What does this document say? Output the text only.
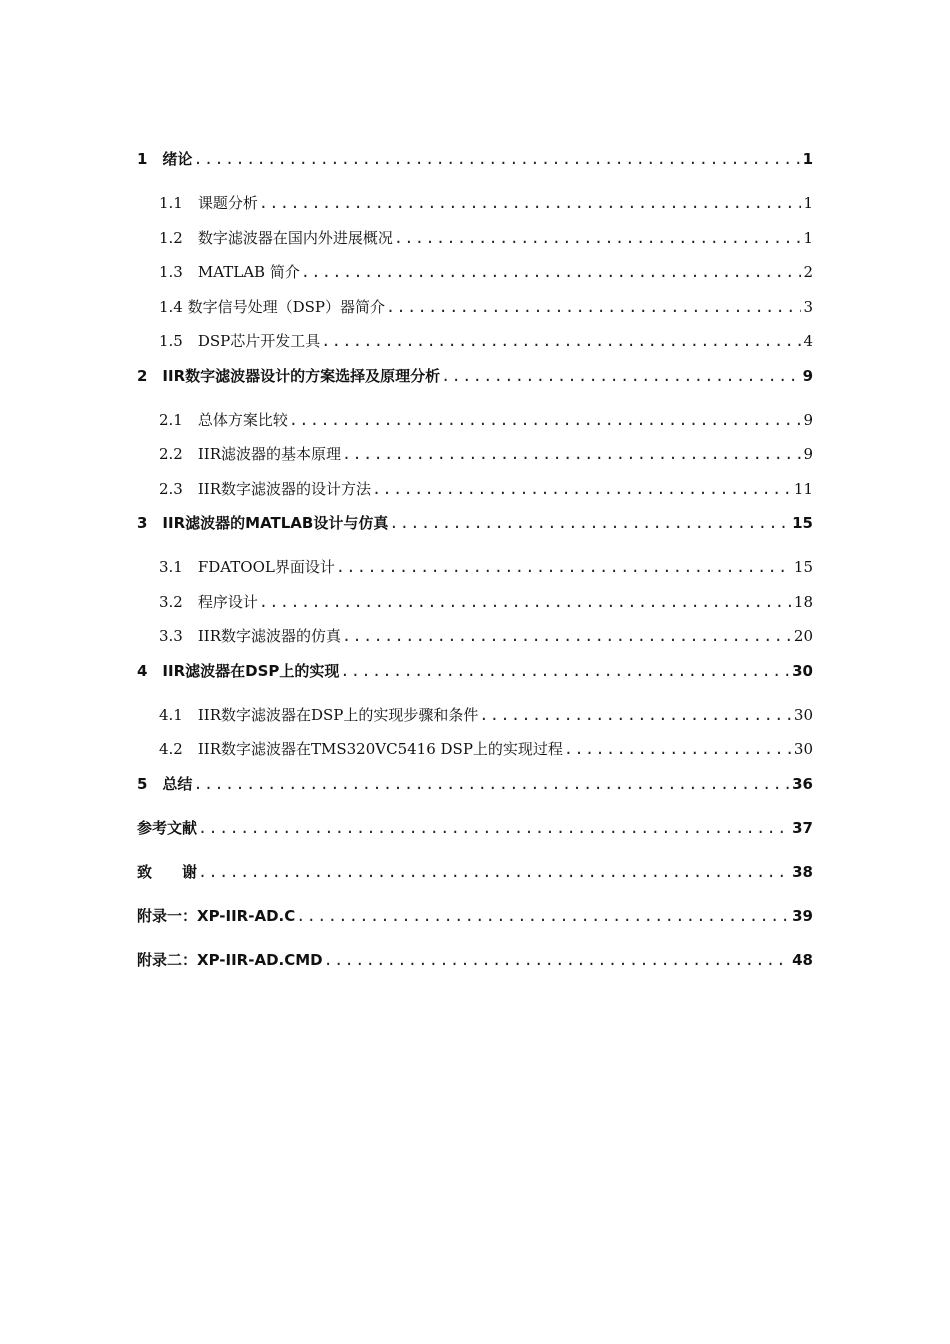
1　绪论 .....	1
1.1　课题分析 .....	1
1.2　数字滤波器在国内外进展概况 .....	1
1.3　MATLAB 简介 .....	2
1.4 数字信号处理（DSP）器简介 .....	3
1.5　DSP芯片开发工具 .....	4
2　IIR数字滤波器设计的方案选择及原理分析 .....	9
2.1　总体方案比较 .....	9
2.2　IIR滤波器的基本原理 .....	9
2.3　IIR数字滤波器的设计方法 .....	11
3　IIR滤波器的MATLAB设计与仿真 .....	15
3.1　FDATOOL界面设计 .....	15
3.2　程序设计 .....	18
3.3　IIR数字滤波器的仿真 .....	20
4　IIR滤波器在DSP上的实现 .....	30
4.1　IIR数字滤波器在DSP上的实现步骤和条件 .....	30
4.2　IIR数字滤波器在TMS320VC5416 DSP上的实现过程 .....	30
5　总结 .....	36
参考文献 .....	37
致　　谢 .....	38
附录一：XP-IIR-AD.C .....	39
附录二：XP-IIR-AD.CMD .....	48
